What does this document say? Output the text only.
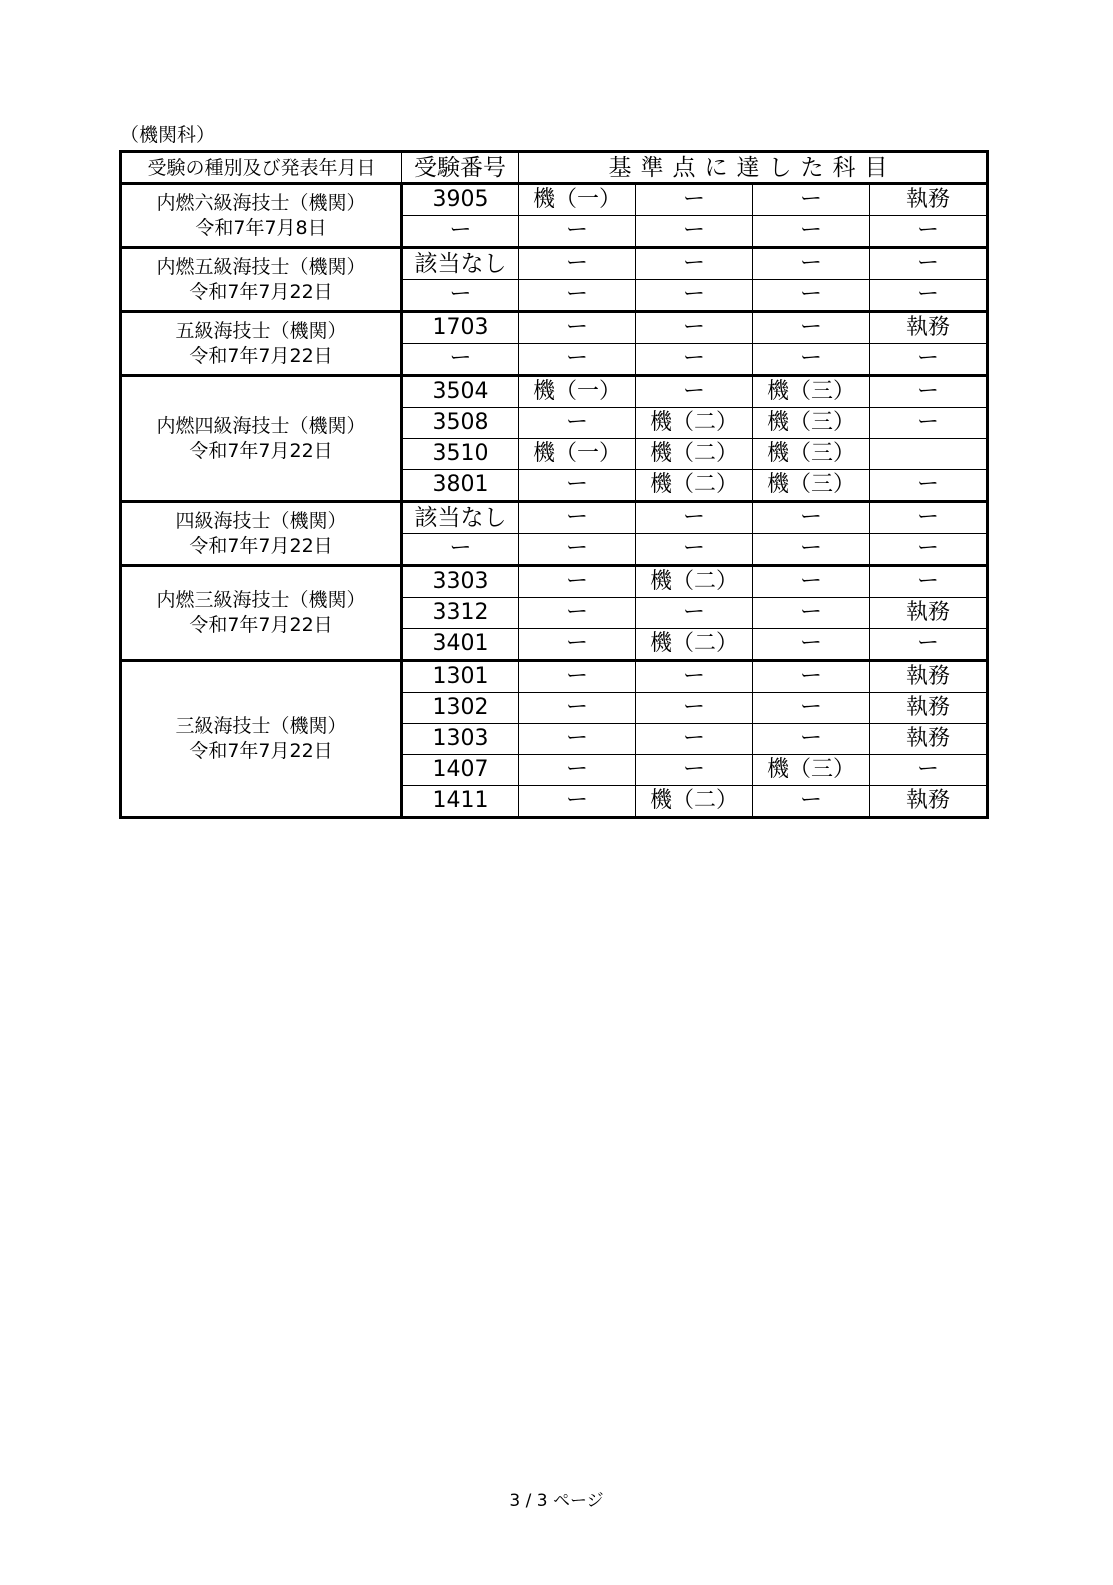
（機関科）
受験の種別及び発表年月日	受験番号	基準点に達した科目			

内燃六級海技士（機関）
令和7年7月8日	3905	機（一）	ー	ー	執務
	ー	ー	ー	ー	ー

内燃五級海技士（機関）
令和7年7月22日	該当なし	ー	ー	ー	ー
	ー	ー	ー	ー	ー

五級海技士（機関）
令和7年7月22日	1703	ー	ー	ー	執務
	ー	ー	ー	ー	ー

内燃四級海技士（機関）
令和7年7月22日	3504	機（一）	ー	機（三）	ー
	3508	ー	機（二）	機（三）	ー
	3510	機（一）	機（二）	機（三）	
	3801	ー	機（二）	機（三）	ー

四級海技士（機関）
令和7年7月22日	該当なし	ー	ー	ー	ー
	ー	ー	ー	ー	ー

内燃三級海技士（機関）
令和7年7月22日	3303	ー	機（二）	ー	ー
	3312	ー	ー	ー	執務
	3401	ー	機（二）	ー	ー

三級海技士（機関）
令和7年7月22日	1301	ー	ー	ー	執務
	1302	ー	ー	ー	執務
	1303	ー	ー	ー	執務
	1407	ー	ー	機（三）	ー
	1411	ー	機（二）	ー	執務
3 / 3 ページ
